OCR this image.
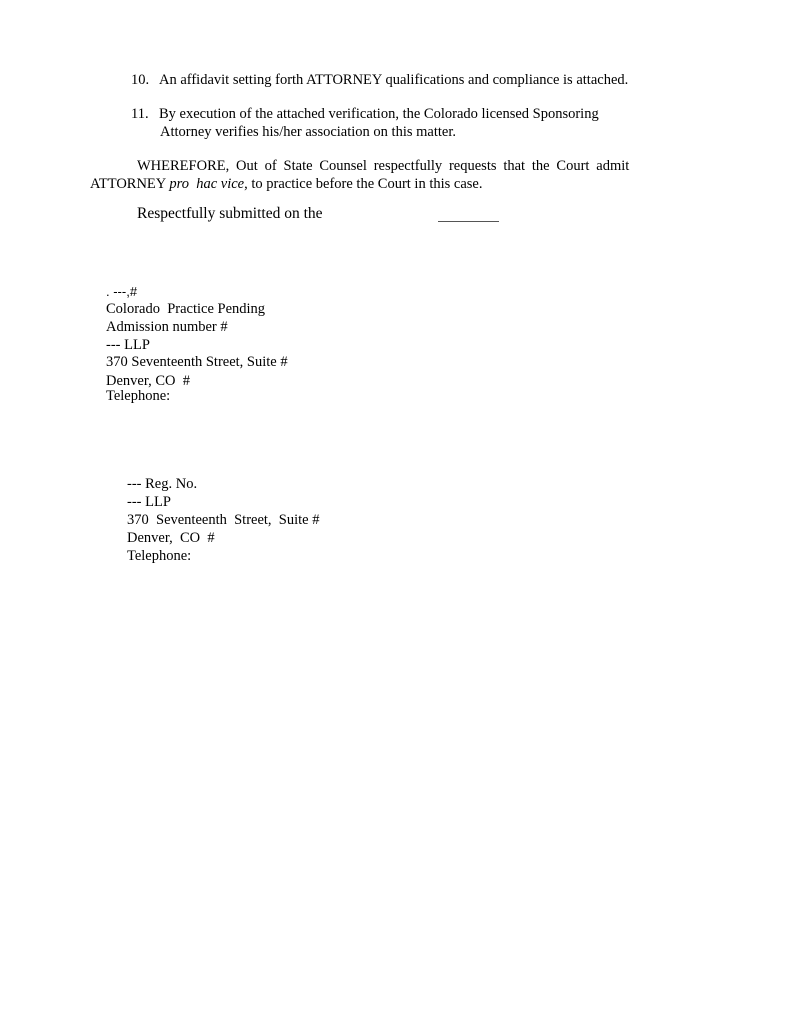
10. An affidavit setting forth ATTORNEY qualifications and compliance is attached.
11. By execution of the attached verification, the Colorado licensed Sponsoring
Attorney verifies his/her association on this matter.
WHEREFORE, Out of State Counsel respectfully requests that the Court admit
ATTORNEY pro  hac vice, to practice before the Court in this case.
Respectfully submitted on the
. ---,#
Colorado  Practice Pending
Admission number #
--- LLP
370 Seventeenth Street, Suite #
Denver, CO  #
Telephone:
--- Reg. No.
--- LLP
370  Seventeenth  Street,  Suite #
Denver,  CO  #
Telephone:
